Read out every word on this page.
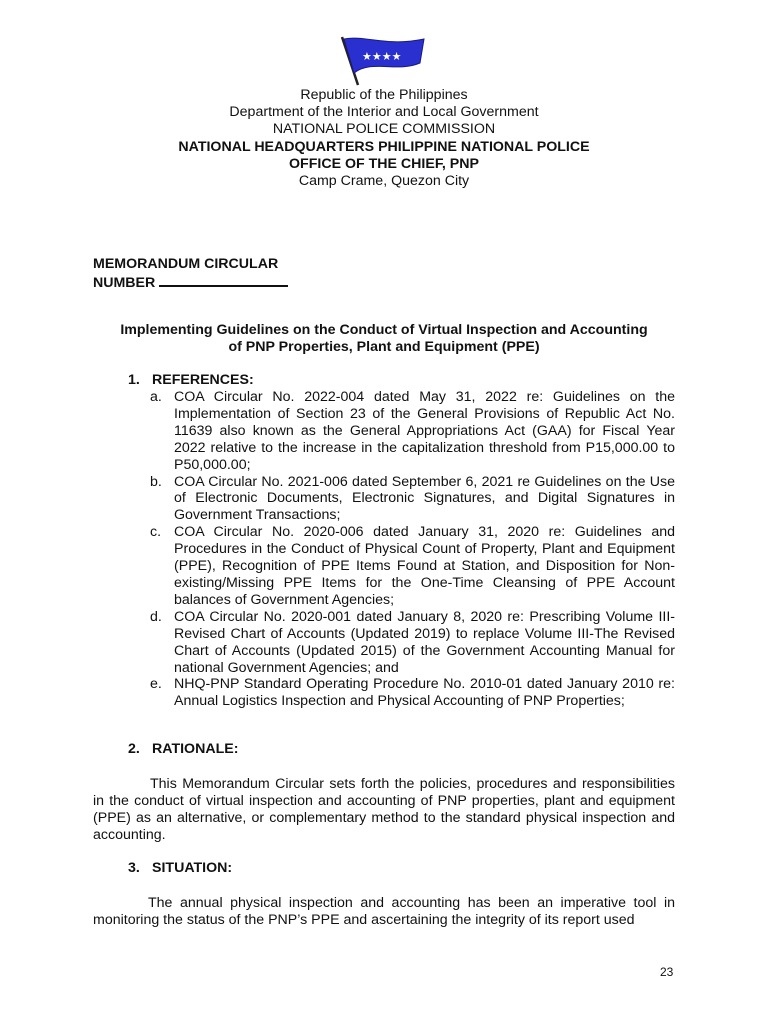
★★★★
Republic of the Philippines
Department of the Interior and Local Government
NATIONAL POLICE COMMISSION
NATIONAL HEADQUARTERS PHILIPPINE NATIONAL POLICE
OFFICE OF THE CHIEF, PNP
Camp Crame, Quezon City
MEMORANDUM CIRCULAR
NUMBER
Implementing Guidelines on the Conduct of Virtual Inspection and Accounting
of PNP Properties, Plant and Equipment (PPE)
1. REFERENCES:
a. COA Circular No. 2022-004 dated May 31, 2022 re: Guidelines on the Implementation of Section 23 of the General Provisions of Republic Act No. 11639 also known as the General Appropriations Act (GAA) for Fiscal Year 2022 relative to the increase in the capitalization threshold from P15,000.00 to P50,000.00;
b. COA Circular No. 2021-006 dated September 6, 2021 re Guidelines on the Use of Electronic Documents, Electronic Signatures, and Digital Signatures in Government Transactions;
c. COA Circular No. 2020-006 dated January 31, 2020 re: Guidelines and Procedures in the Conduct of Physical Count of Property, Plant and Equipment (PPE), Recognition of PPE Items Found at Station, and Disposition for Non-existing/Missing PPE Items for the One-Time Cleansing of PPE Account balances of Government Agencies;
d. COA Circular No. 2020-001 dated January 8, 2020 re: Prescribing Volume III-Revised Chart of Accounts (Updated 2019) to replace Volume III-The Revised Chart of Accounts (Updated 2015) of the Government Accounting Manual for national Government Agencies; and
e. NHQ-PNP Standard Operating Procedure No. 2010-01 dated January 2010 re: Annual Logistics Inspection and Physical Accounting of PNP Properties;
2. RATIONALE:
This Memorandum Circular sets forth the policies, procedures and responsibilities in the conduct of virtual inspection and accounting of PNP properties, plant and equipment (PPE) as an alternative, or complementary method to the standard physical inspection and accounting.
3. SITUATION:
The annual physical inspection and accounting has been an imperative tool in monitoring the status of the PNP’s PPE and ascertaining the integrity of its report used
23
